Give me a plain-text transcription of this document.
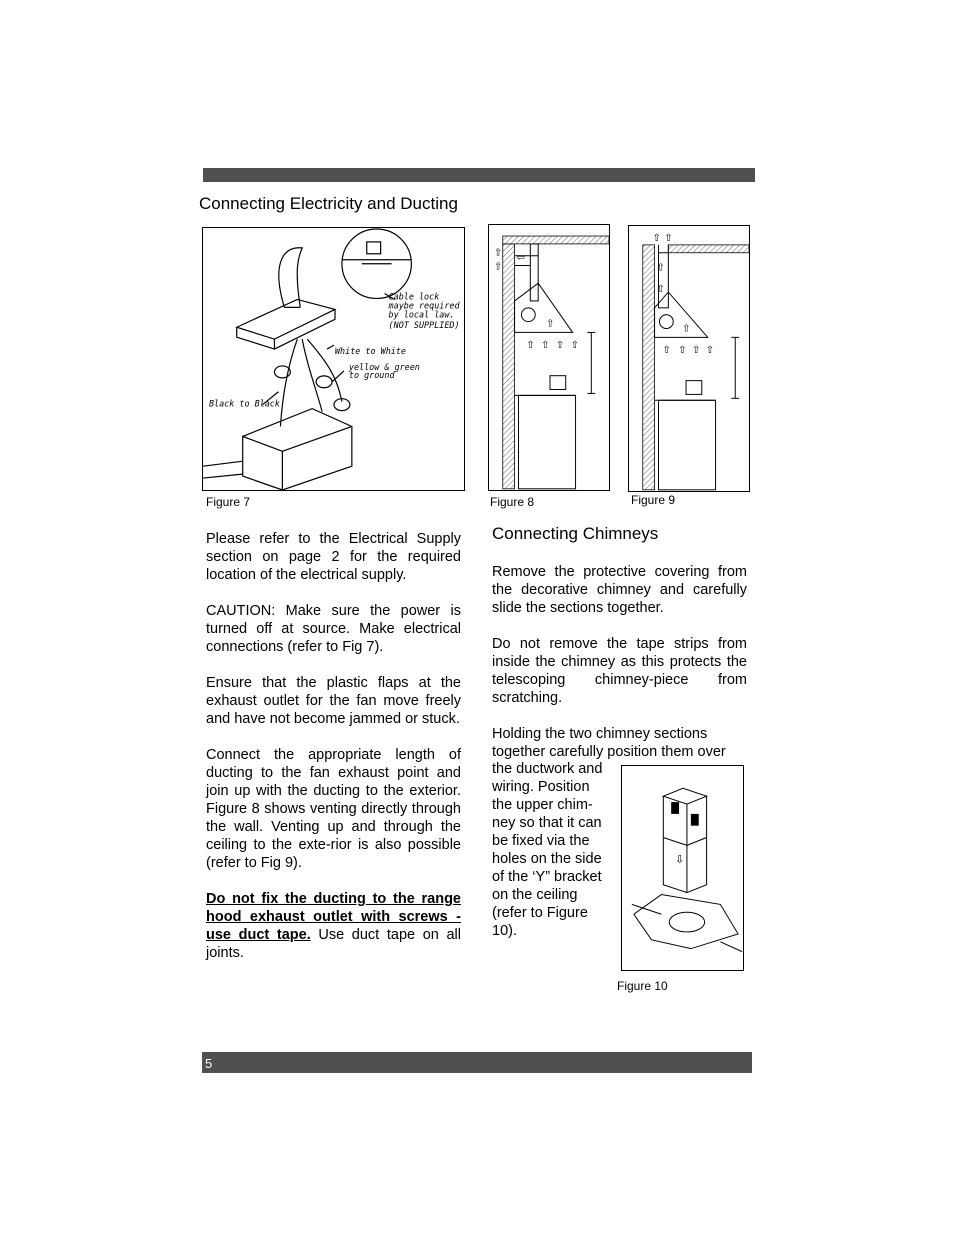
Connecting Electricity and Ducting
Cable lock
maybe required
by local law.
(NOT SUPPLIED)
White to White
yellow & green
to ground
Black to Black
Figure 7
⇧
⇧
⇦
⇧
⇧ ⇧ ⇧ ⇧
Figure 8
⇧ ⇧
⇧
⇧
⇧
⇧ ⇧ ⇧ ⇧
Figure 9

Please refer to the Electrical Supply section on page 2 for the required location of the electrical supply.

CAUTION: Make sure the power is turned off at source. Make electrical connections (refer to Fig 7).

Ensure that the plastic flaps at the exhaust outlet for the fan move freely and have not become jammed or stuck.

Connect the appropriate length of ducting to the fan exhaust point and join up with the ducting to the exterior. Figure 8 shows venting directly through the wall. Venting up and through the ceiling to the exte-rior is also possible (refer to Fig 9).

Do not fix the ducting to the range hood exhaust outlet with screws - use duct tape. Use duct tape on all joints.

Connecting Chimneys

Remove the protective covering from the decorative chimney and carefully slide the sections together.

Do not remove the tape strips from inside the chimney as this protects the telescoping chimney-piece from scratching.

Holding the two chimney sections together carefully position them over

the ductwork and wiring. Position the upper chim-ney so that it can be fixed via the holes on the side of the ‘Y” bracket on the ceiling (refer to Figure 10).

⇩
Figure 10
5
